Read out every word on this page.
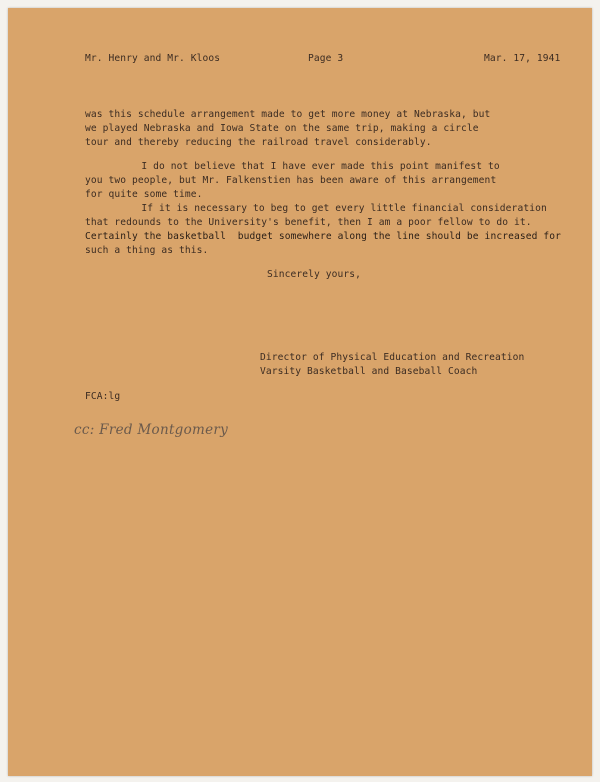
Mr. Henry and Mr. Kloos	Page 3	Mar. 17, 1941
was this schedule arrangement made to get more money at Nebraska, but
we played Nebraska and Iowa State on the same trip, making a circle
tour and thereby reducing the railroad travel considerably.
I do not believe that I have ever made this point manifest to
you two people, but Mr. Falkenstien has been aware of this arrangement
for quite some time.
If it is necessary to beg to get every little financial consideration
that redounds to the University's benefit, then I am a poor fellow to do it.
Certainly the basketball  budget somewhere along the line should be increased for
such a thing as this.
Sincerely yours,
Director of Physical Education and Recreation
Varsity Basketball and Baseball Coach
FCA:lg
cc: Fred Montgomery
